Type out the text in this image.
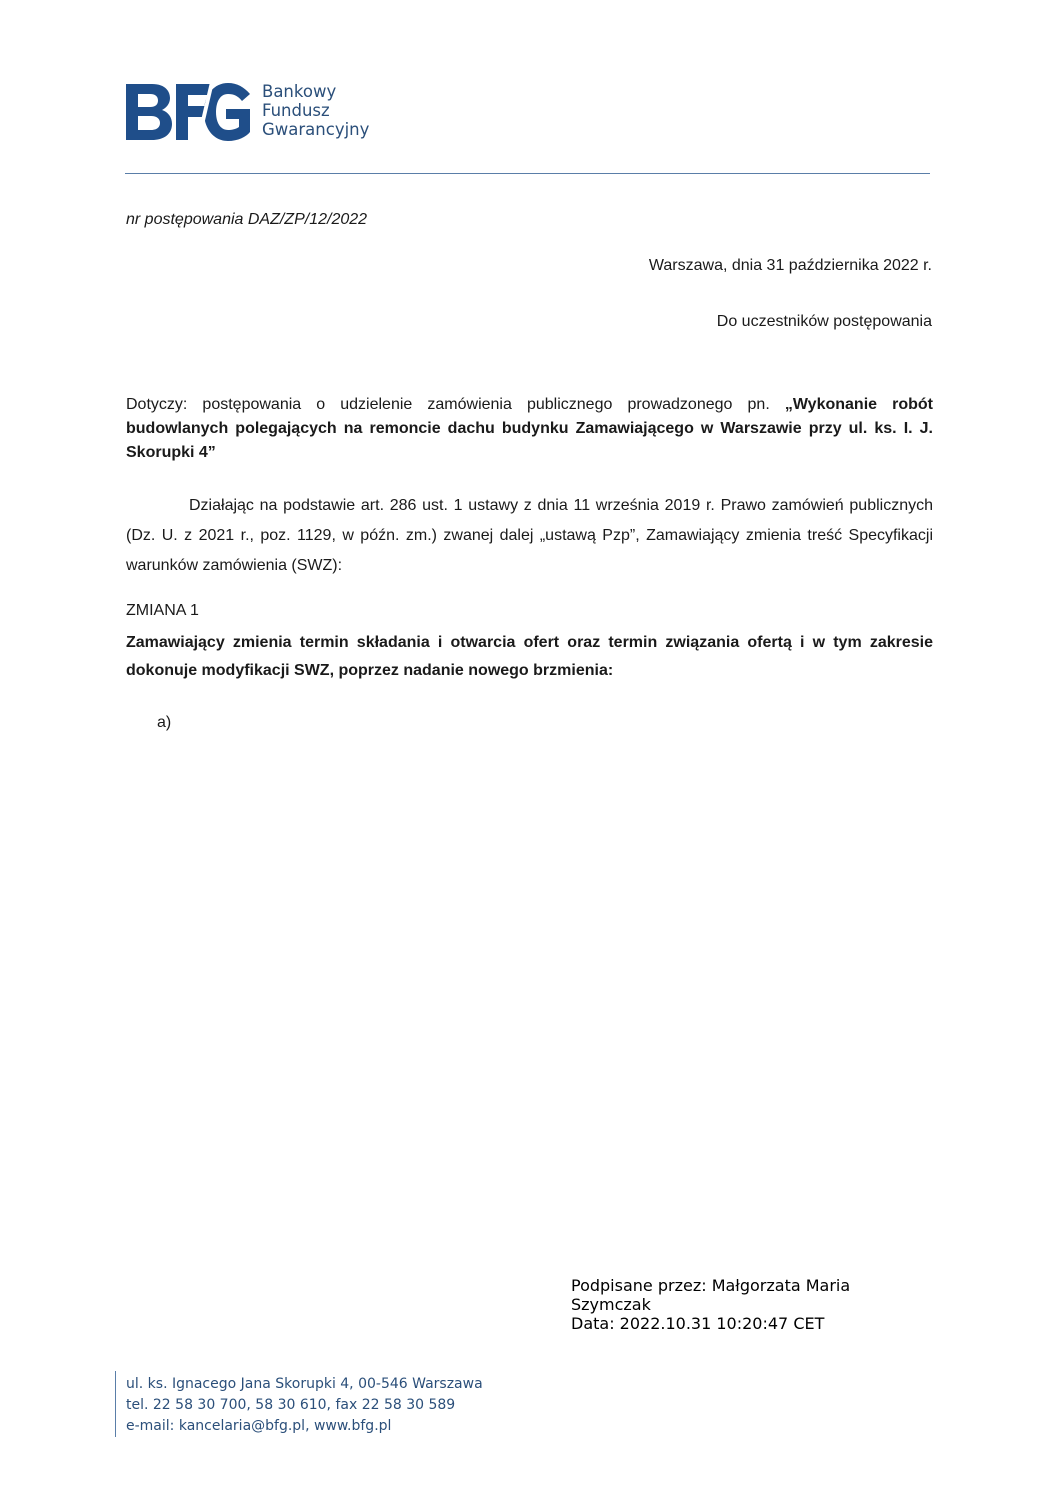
Bankowy
Fundusz
Gwarancyjny
nr postępowania DAZ/ZP/12/2022
Warszawa, dnia 31 października 2022 r.
Do uczestników postępowania
Dotyczy: postępowania o udzielenie zamówienia publicznego prowadzonego pn. „Wykonanie robót budowlanych polegających na remoncie dachu budynku Zamawiającego w Warszawie przy ul. ks. I. J. Skorupki 4”
Działając na podstawie art. 286 ust. 1 ustawy z dnia 11 września 2019 r. Prawo zamówień publicznych (Dz. U. z 2021 r., poz. 1129, w późn. zm.) zwanej dalej „ustawą Pzp”, Zamawiający zmienia treść Specyfikacji warunków zamówienia (SWZ):
ZMIANA 1
Zamawiający zmienia termin składania i otwarcia ofert oraz termin związania ofertą i w tym zakresie dokonuje modyfikacji SWZ, poprzez nadanie nowego brzmienia:
a)
Podpisane przez: Małgorzata Maria
Szymczak
Data: 2022.10.31 10:20:47 CET
ul. ks. Ignacego Jana Skorupki 4, 00-546 Warszawa
tel. 22 58 30 700, 58 30 610, fax 22 58 30 589
e-mail: kancelaria@bfg.pl, www.bfg.pl
